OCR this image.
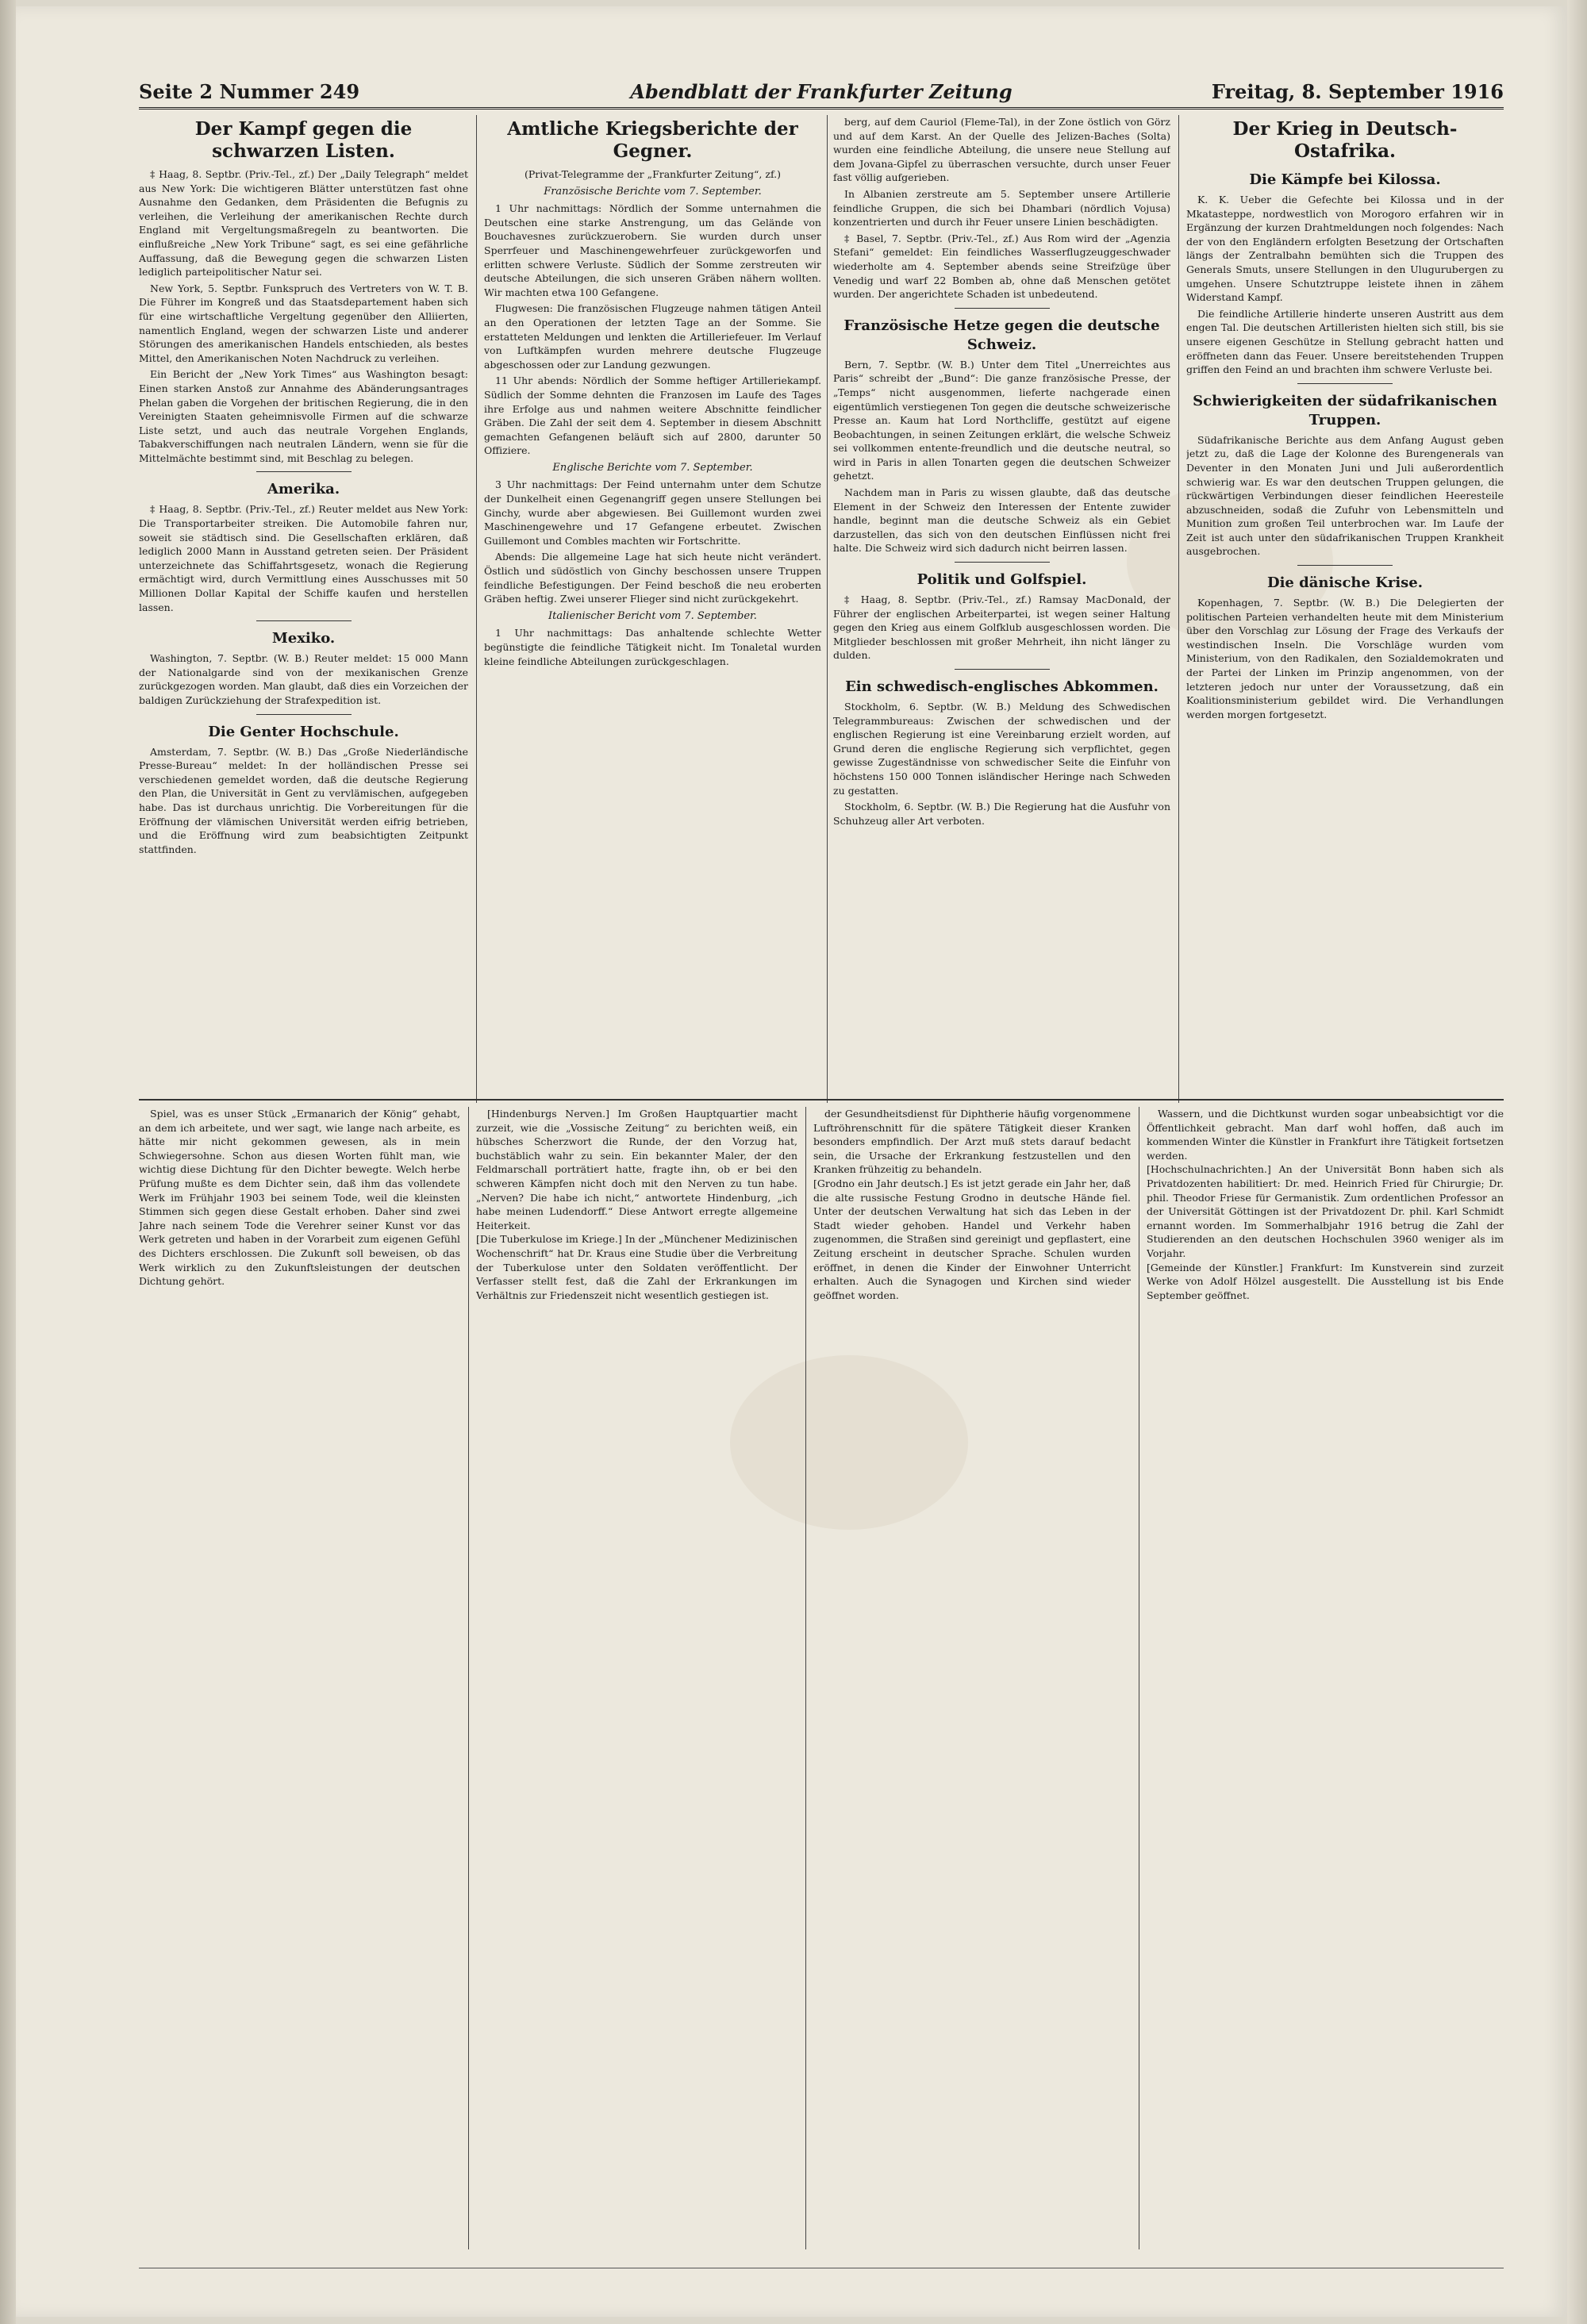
Seite 2 Nummer 249	Abendblatt der Frankfurter Zeitung	Freitag, 8. September 1916
Der Kampf gegen die schwarzen Listen.

‡ Haag, 8. Septbr. (Priv.-Tel., zf.) Der „Daily Telegraph“ meldet aus New York: Die wichtigeren Blätter unterstützen fast ohne Ausnahme den Gedanken, dem Präsidenten die Befugnis zu verleihen, die Verleihung der amerikanischen Rechte durch England mit Vergeltungsmaßregeln zu beantworten. Die einflußreiche „New York Tribune“ sagt, es sei eine gefährliche Auffassung, daß die Bewegung gegen die schwarzen Listen lediglich parteipolitischer Natur sei.

New York, 5. Septbr. Funkspruch des Vertreters von W. T. B. Die Führer im Kongreß und das Staatsdepartement haben sich für eine wirtschaftliche Vergeltung gegenüber den Alliierten, namentlich England, wegen der schwarzen Liste und anderer Störungen des amerikanischen Handels entschieden, als bestes Mittel, den Amerikanischen Noten Nachdruck zu verleihen.

Ein Bericht der „New York Times“ aus Washington besagt: Einen starken Anstoß zur Annahme des Abänderungsantrages Phelan gaben die Vorgehen der britischen Regierung, die in den Vereinigten Staaten geheimnisvolle Firmen auf die schwarze Liste setzt, und auch das neutrale Vorgehen Englands, Tabakverschiffungen nach neutralen Ländern, wenn sie für die Mittelmächte bestimmt sind, mit Beschlag zu belegen.

Amerika.

‡ Haag, 8. Septbr. (Priv.-Tel., zf.) Reuter meldet aus New York: Die Transportarbeiter streiken. Die Automobile fahren nur, soweit sie städtisch sind. Die Gesellschaften erklären, daß lediglich 2000 Mann in Ausstand getreten seien. Der Präsident unterzeichnete das Schiffahrtsgesetz, wonach die Regierung ermächtigt wird, durch Vermittlung eines Ausschusses mit 50 Millionen Dollar Kapital der Schiffe kaufen und herstellen lassen.

Mexiko.

Washington, 7. Septbr. (W. B.) Reuter meldet: 15 000 Mann der Nationalgarde sind von der mexikanischen Grenze zurückgezogen worden. Man glaubt, daß dies ein Vorzeichen der baldigen Zurückziehung der Strafexpedition ist.

Die Genter Hochschule.

Amsterdam, 7. Septbr. (W. B.) Das „Große Niederländische Presse-Bureau“ meldet: In der holländischen Presse sei verschiedenen gemeldet worden, daß die deutsche Regierung den Plan, die Universität in Gent zu vervlämischen, aufgegeben habe. Das ist durchaus unrichtig. Die Vorbereitungen für die Eröffnung der vlämischen Universität werden eifrig betrieben, und die Eröffnung wird zum beabsichtigten Zeitpunkt stattfinden.

Amtliche Kriegsberichte der Gegner.
(Privat-Telegramme der „Frankfurter Zeitung“, zf.)
Französische Berichte vom 7. September.

1 Uhr nachmittags: Nördlich der Somme unternahmen die Deutschen eine starke Anstrengung, um das Gelände von Bouchavesnes zurückzuerobern. Sie wurden durch unser Sperrfeuer und Maschinengewehrfeuer zurückgeworfen und erlitten schwere Verluste. Südlich der Somme zerstreuten wir deutsche Abteilungen, die sich unseren Gräben nähern wollten. Wir machten etwa 100 Gefangene.

Flugwesen: Die französischen Flugzeuge nahmen tätigen Anteil an den Operationen der letzten Tage an der Somme. Sie erstatteten Meldungen und lenkten die Artilleriefeuer. Im Verlauf von Luftkämpfen wurden mehrere deutsche Flugzeuge abgeschossen oder zur Landung gezwungen.

11 Uhr abends: Nördlich der Somme heftiger Artilleriekampf. Südlich der Somme dehnten die Franzosen im Laufe des Tages ihre Erfolge aus und nahmen weitere Abschnitte feindlicher Gräben. Die Zahl der seit dem 4. September in diesem Abschnitt gemachten Gefangenen beläuft sich auf 2800, darunter 50 Offiziere.

Englische Berichte vom 7. September.

3 Uhr nachmittags: Der Feind unternahm unter dem Schutze der Dunkelheit einen Gegenangriff gegen unsere Stellungen bei Ginchy, wurde aber abgewiesen. Bei Guillemont wurden zwei Maschinengewehre und 17 Gefangene erbeutet. Zwischen Guillemont und Combles machten wir Fortschritte.

Abends: Die allgemeine Lage hat sich heute nicht verändert. Östlich und südöstlich von Ginchy beschossen unsere Truppen feindliche Befestigungen. Der Feind beschoß die neu eroberten Gräben heftig. Zwei unserer Flieger sind nicht zurückgekehrt.

Italienischer Bericht vom 7. September.

1 Uhr nachmittags: Das anhaltende schlechte Wetter begünstigte die feindliche Tätigkeit nicht. Im Tonaletal wurden kleine feindliche Abteilungen zurückgeschlagen.

berg, auf dem Cauriol (Fleme-Tal), in der Zone östlich von Görz und auf dem Karst. An der Quelle des Jelizen-Baches (Solta) wurden eine feindliche Abteilung, die unsere neue Stellung auf dem Jovana-Gipfel zu überraschen versuchte, durch unser Feuer fast völlig aufgerieben.

In Albanien zerstreute am 5. September unsere Artillerie feindliche Gruppen, die sich bei Dhambari (nördlich Vojusa) konzentrierten und durch ihr Feuer unsere Linien beschädigten.

‡ Basel, 7. Septbr. (Priv.-Tel., zf.) Aus Rom wird der „Agenzia Stefani“ gemeldet: Ein feindliches Wasserflugzeuggeschwader wiederholte am 4. September abends seine Streifzüge über Venedig und warf 22 Bomben ab, ohne daß Menschen getötet wurden. Der angerichtete Schaden ist unbedeutend.

Französische Hetze gegen die deutsche Schweiz.

Bern, 7. Septbr. (W. B.) Unter dem Titel „Unerreichtes aus Paris“ schreibt der „Bund“: Die ganze französische Presse, der „Temps“ nicht ausgenommen, lieferte nachgerade einen eigentümlich verstiegenen Ton gegen die deutsche schweizerische Presse an. Kaum hat Lord Northcliffe, gestützt auf eigene Beobachtungen, in seinen Zeitungen erklärt, die welsche Schweiz sei vollkommen entente-freundlich und die deutsche neutral, so wird in Paris in allen Tonarten gegen die deutschen Schweizer gehetzt.

Nachdem man in Paris zu wissen glaubte, daß das deutsche Element in der Schweiz den Interessen der Entente zuwider handle, beginnt man die deutsche Schweiz als ein Gebiet darzustellen, das sich von den deutschen Einflüssen nicht frei halte. Die Schweiz wird sich dadurch nicht beirren lassen.

Politik und Golfspiel.

‡ Haag, 8. Septbr. (Priv.-Tel., zf.) Ramsay MacDonald, der Führer der englischen Arbeiterpartei, ist wegen seiner Haltung gegen den Krieg aus einem Golfklub ausgeschlossen worden. Die Mitglieder beschlossen mit großer Mehrheit, ihn nicht länger zu dulden.

Ein schwedisch-englisches Abkommen.

Stockholm, 6. Septbr. (W. B.) Meldung des Schwedischen Telegrammbureaus: Zwischen der schwedischen und der englischen Regierung ist eine Vereinbarung erzielt worden, auf Grund deren die englische Regierung sich verpflichtet, gegen gewisse Zugeständnisse von schwedischer Seite die Einfuhr von höchstens 150 000 Tonnen isländischer Heringe nach Schweden zu gestatten.

Stockholm, 6. Septbr. (W. B.) Die Regierung hat die Ausfuhr von Schuhzeug aller Art verboten.

Der Krieg in Deutsch-Ostafrika.
Die Kämpfe bei Kilossa.

K. K. Ueber die Gefechte bei Kilossa und in der Mkatasteppe, nordwestlich von Morogoro erfahren wir in Ergänzung der kurzen Drahtmeldungen noch folgendes: Nach der von den Engländern erfolgten Besetzung der Ortschaften längs der Zentralbahn bemühten sich die Truppen des Generals Smuts, unsere Stellungen in den Ulugurubergen zu umgehen. Unsere Schutztruppe leistete ihnen in zähem Widerstand Kampf.

Die feindliche Artillerie hinderte unseren Austritt aus dem engen Tal. Die deutschen Artilleristen hielten sich still, bis sie unsere eigenen Geschütze in Stellung gebracht hatten und eröffneten dann das Feuer. Unsere bereitstehenden Truppen griffen den Feind an und brachten ihm schwere Verluste bei.

Schwierigkeiten der südafrikanischen Truppen.

Südafrikanische Berichte aus dem Anfang August geben jetzt zu, daß die Lage der Kolonne des Burengenerals van Deventer in den Monaten Juni und Juli außerordentlich schwierig war. Es war den deutschen Truppen gelungen, die rückwärtigen Verbindungen dieser feindlichen Heeresteile abzuschneiden, sodaß die Zufuhr von Lebensmitteln und Munition zum großen Teil unterbrochen war. Im Laufe der Zeit ist auch unter den südafrikanischen Truppen Krankheit ausgebrochen.

Die dänische Krise.

Kopenhagen, 7. Septbr. (W. B.) Die Delegierten der politischen Parteien verhandelten heute mit dem Ministerium über den Vorschlag zur Lösung der Frage des Verkaufs der westindischen Inseln. Die Vorschläge wurden vom Ministerium, von den Radikalen, den Sozialdemokraten und der Partei der Linken im Prinzip angenommen, von der letzteren jedoch nur unter der Voraussetzung, daß ein Koalitionsministerium gebildet wird. Die Verhandlungen werden morgen fortgesetzt.

Spiel, was es unser Stück „Ermanarich der König“ gehabt, an dem ich arbeitete, und wer sagt, wie lange nach arbeite, es hätte mir nicht gekommen gewesen, als in mein Schwiegersohne. Schon aus diesen Worten fühlt man, wie wichtig diese Dichtung für den Dichter bewegte. Welch herbe Prüfung mußte es dem Dichter sein, daß ihm das vollendete Werk im Frühjahr 1903 bei seinem Tode, weil die kleinsten Stimmen sich gegen diese Gestalt erhoben. Daher sind zwei Jahre nach seinem Tode die Verehrer seiner Kunst vor das Werk getreten und haben in der Vorarbeit zum eigenen Gefühl des Dichters erschlossen. Die Zukunft soll beweisen, ob das Werk wirklich zu den Zukunftsleistungen der deutschen Dichtung gehört.

[Hindenburgs Nerven.] Im Großen Hauptquartier macht zurzeit, wie die „Vossische Zeitung“ zu berichten weiß, ein hübsches Scherzwort die Runde, der den Vorzug hat, buchstäblich wahr zu sein. Ein bekannter Maler, der den Feldmarschall porträtiert hatte, fragte ihn, ob er bei den schweren Kämpfen nicht doch mit den Nerven zu tun habe. „Nerven? Die habe ich nicht,“ antwortete Hindenburg, „ich habe meinen Ludendorff.“ Diese Antwort erregte allgemeine Heiterkeit.
[Die Tuberkulose im Kriege.] In der „Münchener Medizinischen Wochenschrift“ hat Dr. Kraus eine Studie über die Verbreitung der Tuberkulose unter den Soldaten veröffentlicht. Der Verfasser stellt fest, daß die Zahl der Erkrankungen im Verhältnis zur Friedenszeit nicht wesentlich gestiegen ist.

der Gesundheitsdienst für Diphtherie häufig vorgenommene Luftröhrenschnitt für die spätere Tätigkeit dieser Kranken besonders empfindlich. Der Arzt muß stets darauf bedacht sein, die Ursache der Erkrankung festzustellen und den Kranken frühzeitig zu behandeln.
[Grodno ein Jahr deutsch.] Es ist jetzt gerade ein Jahr her, daß die alte russische Festung Grodno in deutsche Hände fiel. Unter der deutschen Verwaltung hat sich das Leben in der Stadt wieder gehoben. Handel und Verkehr haben zugenommen, die Straßen sind gereinigt und gepflastert, eine Zeitung erscheint in deutscher Sprache. Schulen wurden eröffnet, in denen die Kinder der Einwohner Unterricht erhalten. Auch die Synagogen und Kirchen sind wieder geöffnet worden.

Wassern, und die Dichtkunst wurden sogar unbeabsichtigt vor die Öffentlichkeit gebracht. Man darf wohl hoffen, daß auch im kommenden Winter die Künstler in Frankfurt ihre Tätigkeit fortsetzen werden.
[Hochschulnachrichten.] An der Universität Bonn haben sich als Privatdozenten habilitiert: Dr. med. Heinrich Fried für Chirurgie; Dr. phil. Theodor Friese für Germanistik. Zum ordentlichen Professor an der Universität Göttingen ist der Privatdozent Dr. phil. Karl Schmidt ernannt worden. Im Sommerhalbjahr 1916 betrug die Zahl der Studierenden an den deutschen Hochschulen 3960 weniger als im Vorjahr.
[Gemeinde der Künstler.] Frankfurt: Im Kunstverein sind zurzeit Werke von Adolf Hölzel ausgestellt. Die Ausstellung ist bis Ende September geöffnet.
